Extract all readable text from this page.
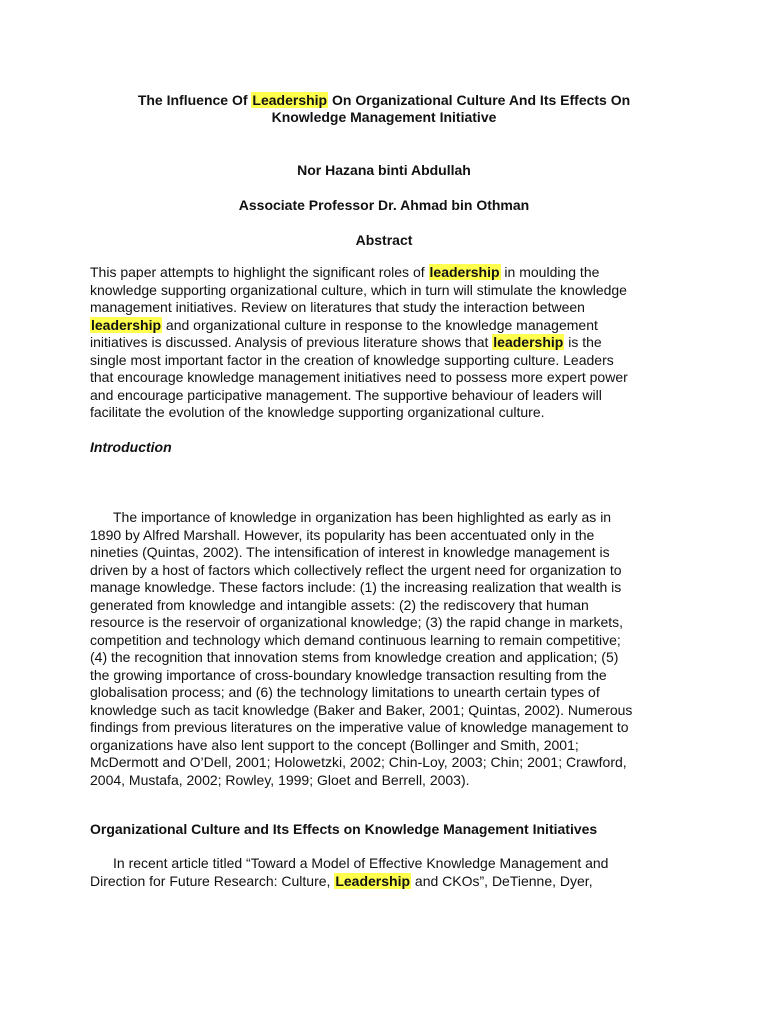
The Influence Of Leadership On Organizational Culture And Its Effects On
Knowledge Management Initiative
Nor Hazana binti Abdullah
Associate Professor Dr. Ahmad bin Othman
Abstract
This paper attempts to highlight the significant roles of leadership in moulding the
knowledge supporting organizational culture, which in turn will stimulate the knowledge
management initiatives. Review on literatures that study the interaction between
leadership and organizational culture in response to the knowledge management
initiatives is discussed. Analysis of previous literature shows that leadership is the
single most important factor in the creation of knowledge supporting culture. Leaders
that encourage knowledge management initiatives need to possess more expert power
and encourage participative management. The supportive behaviour of leaders will
facilitate the evolution of the knowledge supporting organizational culture.
Introduction
The importance of knowledge in organization has been highlighted as early as in
1890 by Alfred Marshall. However, its popularity has been accentuated only in the
nineties (Quintas, 2002). The intensification of interest in knowledge management is
driven by a host of factors which collectively reflect the urgent need for organization to
manage knowledge. These factors include: (1) the increasing realization that wealth is
generated from knowledge and intangible assets: (2) the rediscovery that human
resource is the reservoir of organizational knowledge; (3) the rapid change in markets,
competition and technology which demand continuous learning to remain competitive;
(4) the recognition that innovation stems from knowledge creation and application; (5)
the growing importance of cross-boundary knowledge transaction resulting from the
globalisation process; and (6) the technology limitations to unearth certain types of
knowledge such as tacit knowledge (Baker and Baker, 2001; Quintas, 2002). Numerous
findings from previous literatures on the imperative value of knowledge management to
organizations have also lent support to the concept (Bollinger and Smith, 2001;
McDermott and O’Dell, 2001; Holowetzki, 2002; Chin-Loy, 2003; Chin; 2001; Crawford,
2004, Mustafa, 2002; Rowley, 1999; Gloet and Berrell, 2003).
Organizational Culture and Its Effects on Knowledge Management Initiatives
In recent article titled “Toward a Model of Effective Knowledge Management and
Direction for Future Research: Culture, Leadership and CKOs”, DeTienne, Dyer,
